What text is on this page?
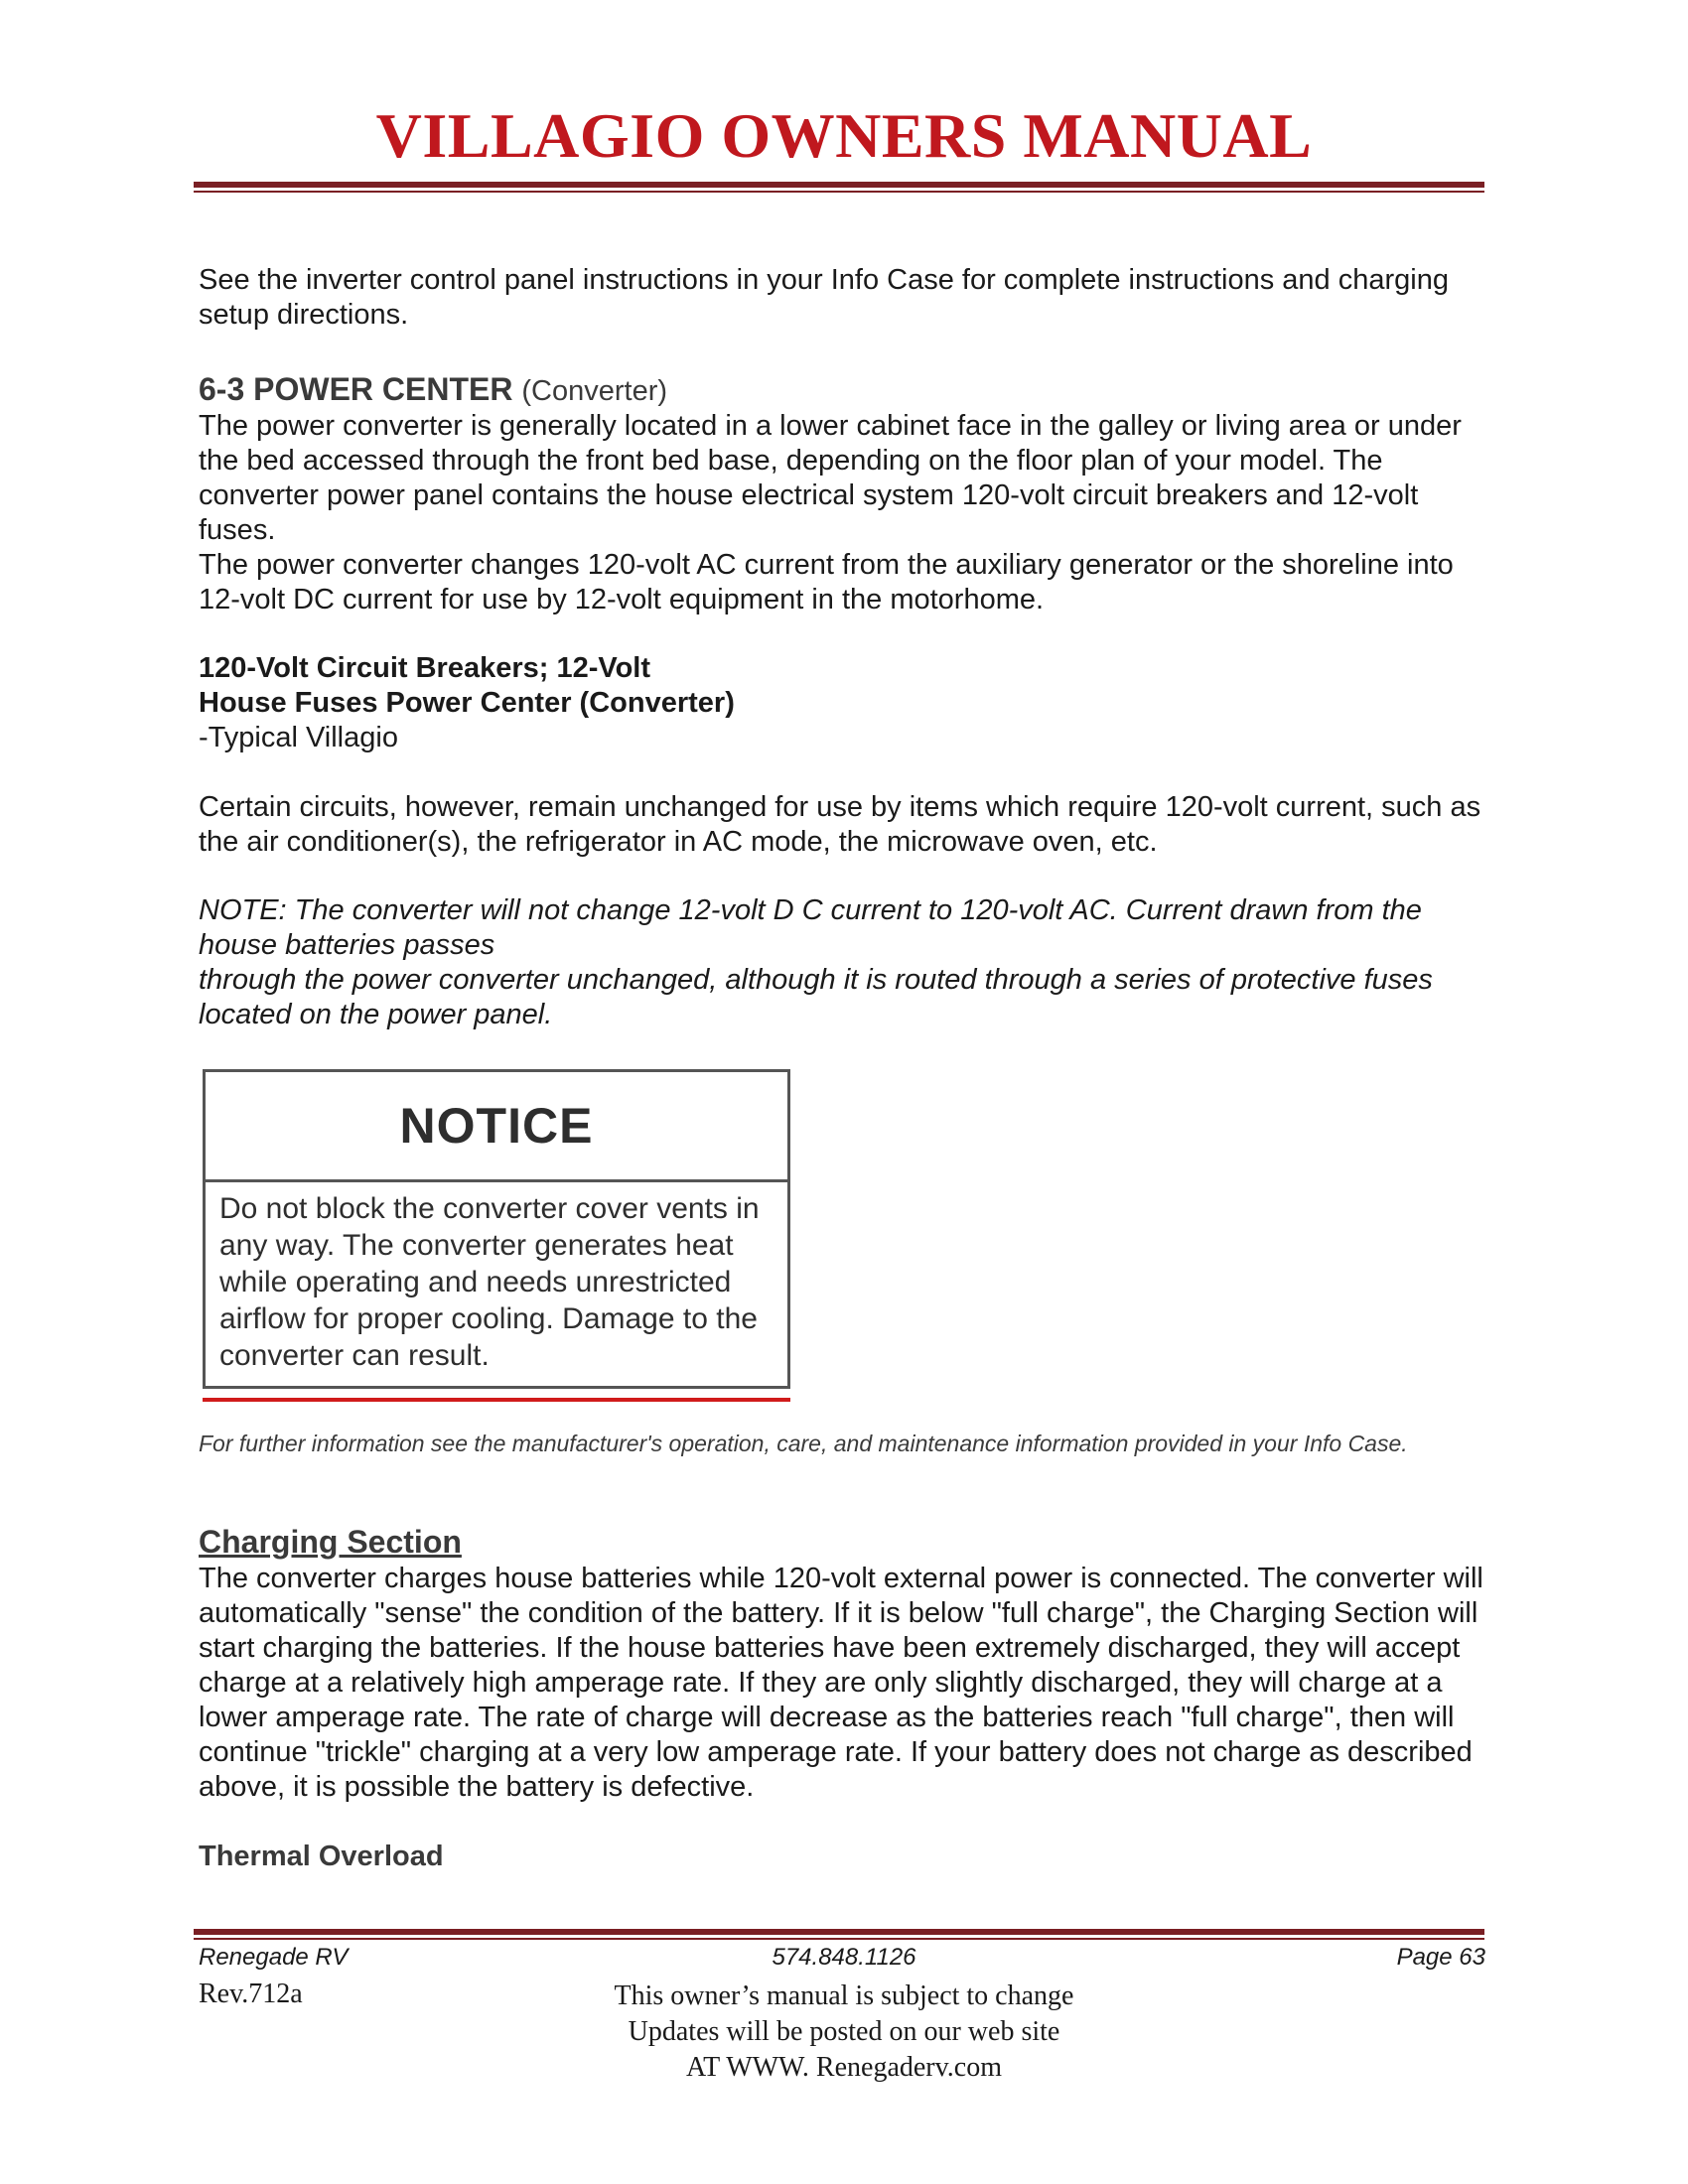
VILLAGIO OWNERS MANUAL

See the inverter control panel instructions in your Info Case for complete instructions and charging setup directions.

6-3 POWER CENTER (Converter)

The power converter is generally located in a lower cabinet face in the galley or living area or under the bed accessed through the front bed base, depending on the floor plan of your model. The converter power panel contains the house electrical system 120-volt circuit breakers and 12-volt fuses.

The power converter changes 120-volt AC current from the auxiliary generator or the shoreline into 12-volt DC current for use by 12-volt equipment in the motorhome.

120-Volt Circuit Breakers; 12-Volt
House Fuses Power Center (Converter)
-Typical Villagio

Certain circuits, however, remain unchanged for use by items which require 120-volt current, such as the air conditioner(s), the refrigerator in AC mode, the microwave oven, etc.

NOTE: The converter will not change 12-volt D C current to 120-volt AC. Current drawn from the house batteries passes
through the power converter unchanged, although it is routed through a series of protective fuses located on the power panel.
NOTICE
Do not block the converter cover vents in any way. The converter generates heat while operating and needs unrestricted airflow for proper cooling. Damage to the converter can result.

For further information see the manufacturer's operation, care, and maintenance information provided in your Info Case.

Charging Section

The converter charges house batteries while 120-volt external power is connected. The converter will automatically "sense" the condition of the battery. If it is below "full charge", the Charging Section will start charging the batteries. If the house batteries have been extremely discharged, they will accept charge at a relatively high amperage rate. If they are only slightly discharged, they will charge at a lower amperage rate. The rate of charge will decrease as the batteries reach "full charge", then will continue "trickle" charging at a very low amperage rate. If your battery does not charge as described above, it is possible the battery is defective.

Thermal Overload

Renegade RV	574.848.1126	Page 63
Rev.712a	This owner’s manual is subject to change
Updates will be posted on our web site
AT WWW. Renegaderv.com
